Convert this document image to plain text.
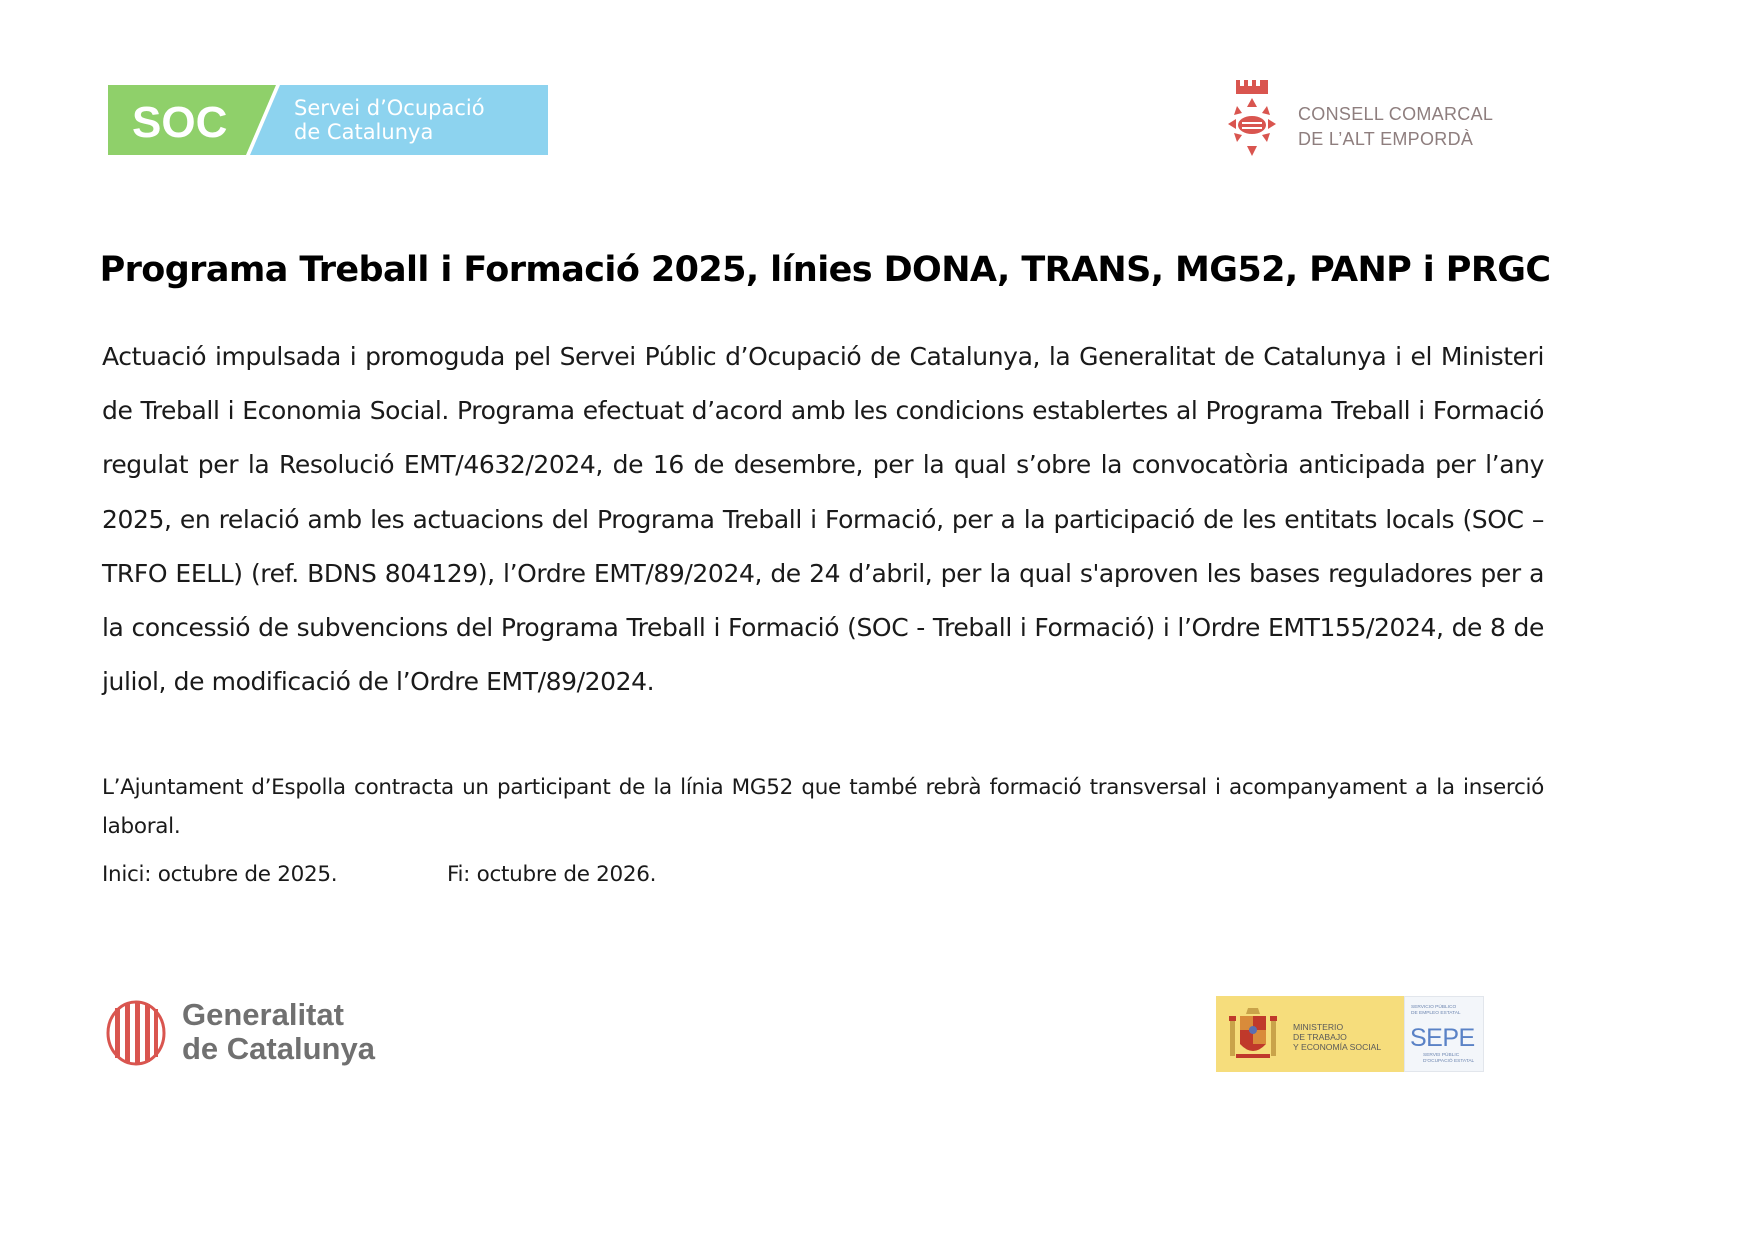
SOC	Servei d’Ocupació
de Catalunya
CONSELL COMARCAL
DE L’ALT EMPORDÀ
Programa Treball i Formació 2025, línies DONA, TRANS, MG52, PANP i PRGC
Actuació impulsada i promoguda pel Servei Públic d’Ocupació de Catalunya, la Generalitat de Catalunya i el Ministeri de Treball i Economia Social. Programa efectuat d’acord amb les condicions establertes al Programa Treball i Formació regulat per la Resolució EMT/4632/2024, de 16 de desembre, per la qual s’obre la convocatòria anticipada per l’any 2025, en relació amb les actuacions del Programa Treball i Formació, per a la participació de les entitats locals (SOC – TRFO EELL) (ref. BDNS 804129), l’Ordre EMT/89/2024, de 24 d’abril, per la qual s'aproven les bases reguladores per a la concessió de subvencions del Programa Treball i Formació (SOC - Treball i Formació) i l’Ordre EMT155/2024, de 8 de juliol, de modificació de l’Ordre EMT/89/2024.
L’Ajuntament d’Espolla contracta un participant de la línia MG52 que també rebrà formació transversal i acompanyament a la inserció laboral.
Inici: octubre de 2025.	Fi: octubre de 2026.
Generalitat
de Catalunya
MINISTERIO
DE TRABAJO
Y ECONOMÍA SOCIAL
SERVICIO PÚBLICO
DE EMPLEO ESTATAL
SEPE
SERVEI PÚBLIC
D'OCUPACIÓ ESTATAL
